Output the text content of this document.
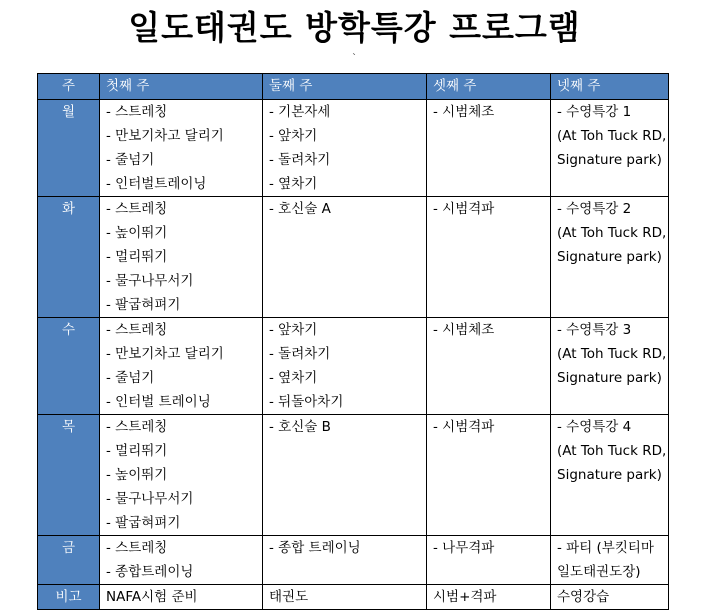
일도태권도 방학특강 프로그램
`
주	첫째 주	둘째 주	셋째 주	넷째 주
월	- 스트레칭
- 만보기차고 달리기
- 줄넘기
- 인터벌트레이닝	- 기본자세
- 앞차기
- 돌려차기
- 옆차기	- 시범체조	- 수영특강 1
(At Toh Tuck RD,
Signature park)

화	- 스트레칭
- 높이뛰기
- 멀리뛰기
- 물구나무서기
- 팔굽혀펴기	- 호신술 A	- 시범격파	- 수영특강 2
(At Toh Tuck RD,
Signature park)

수	- 스트레칭
- 만보기차고 달리기
- 줄넘기
- 인터벌 트레이닝	- 앞차기
- 돌려차기
- 옆차기
- 뒤돌아차기	- 시범체조	- 수영특강 3
(At Toh Tuck RD,
Signature park)

목	- 스트레칭
- 멀리뛰기
- 높이뛰기
- 물구나무서기
- 팔굽혀펴기	- 호신술 B	- 시범격파	- 수영특강 4
(At Toh Tuck RD,
Signature park)

금	- 스트레칭
- 종합트레이닝	- 종합 트레이닝	- 나무격파	- 파티 (부킷티마
일도태권도장)

비고	NAFA시험 준비	태권도	시범+격파	수영강습
